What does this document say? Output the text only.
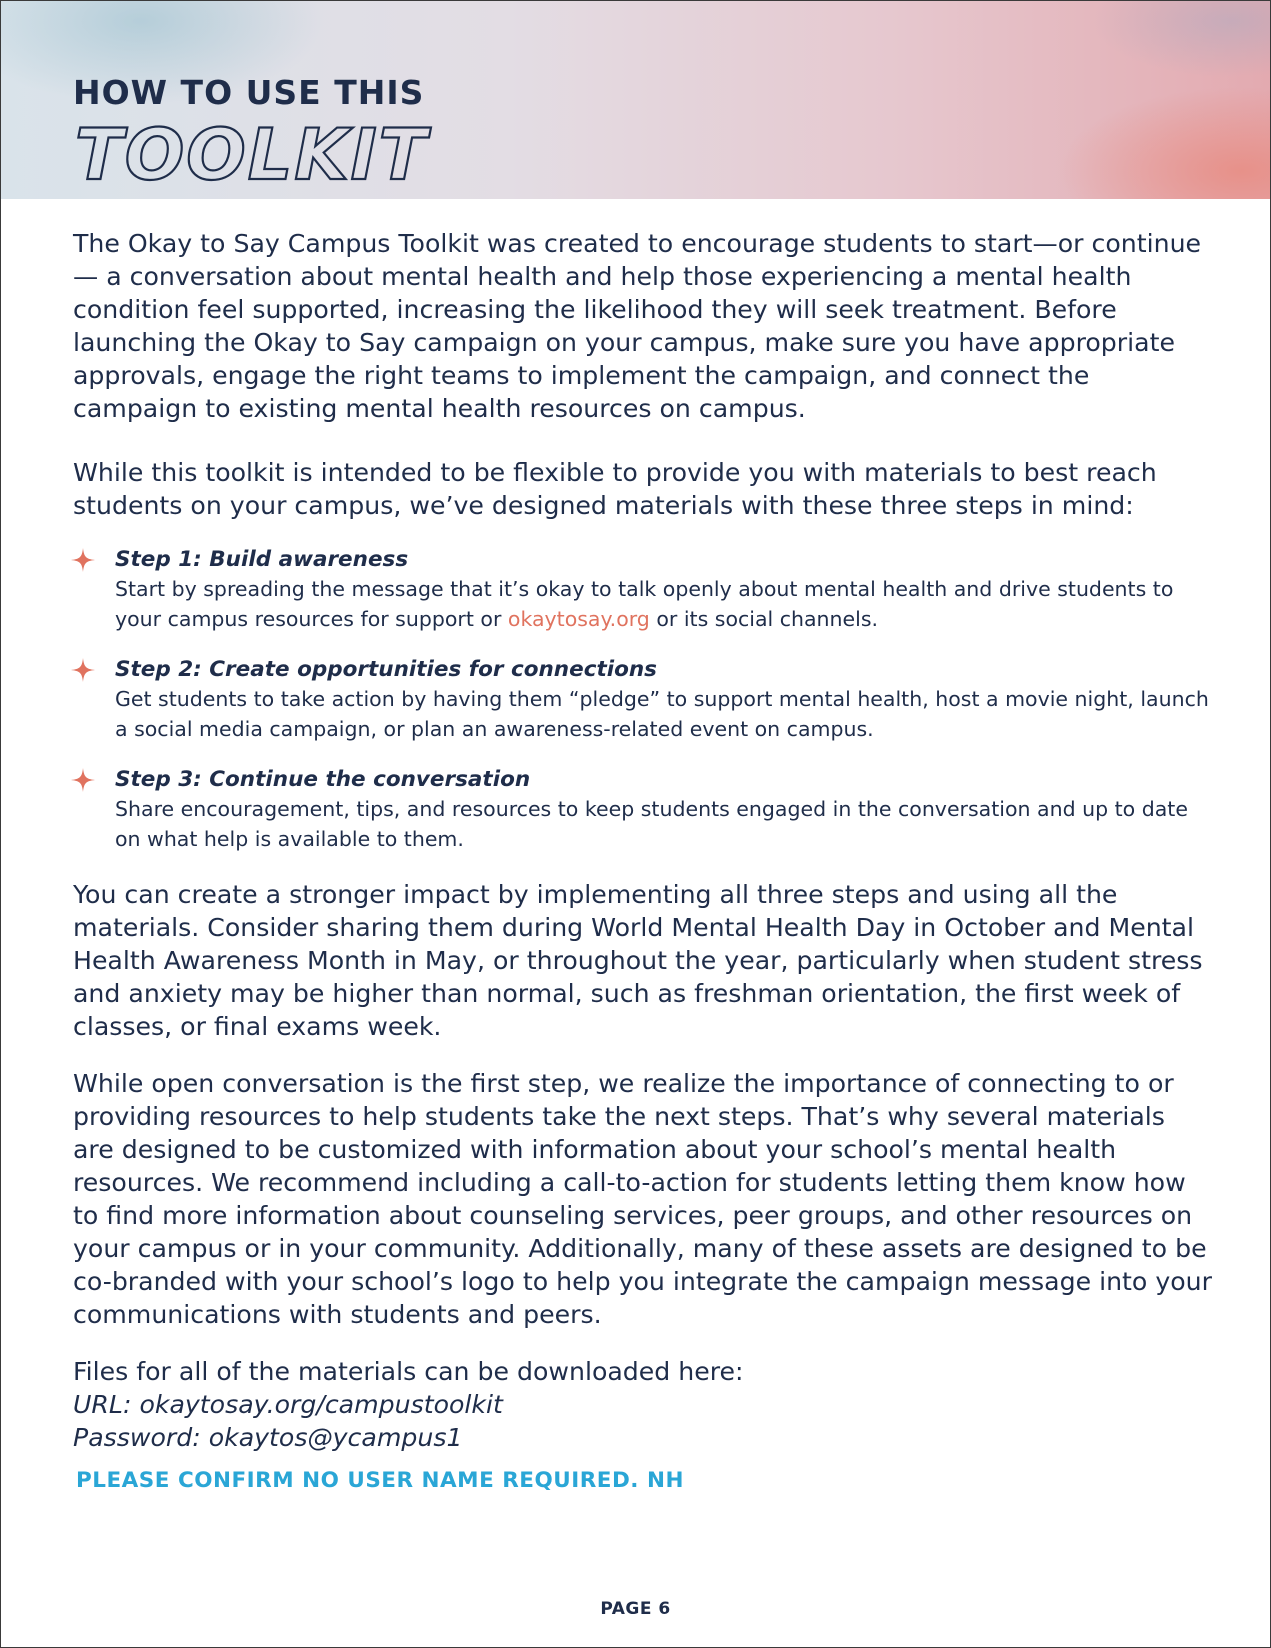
HOW TO USE THIS
TOOLKIT

The Okay to Say Campus Toolkit was created to encourage students to start—or continue— a conversation about mental health and help those experiencing a mental health condition feel supported, increasing the likelihood they will seek treatment. Before launching the Okay to Say campaign on your campus, make sure you have appropriate approvals, engage the right teams to implement the campaign, and connect the campaign to existing mental health resources on campus.

While this toolkit is intended to be flexible to provide you with materials to best reach students on your campus, we’ve designed materials with these three steps in mind:

Step 1: Build awareness
Start by spreading the message that it’s okay to talk openly about mental health and drive students to your campus resources for support or okaytosay.org or its social channels.
Step 2: Create opportunities for connections
Get students to take action by having them “pledge” to support mental health, host a movie night, launch a social media campaign, or plan an awareness-related event on campus.
Step 3: Continue the conversation
Share encouragement, tips, and resources to keep students engaged in the conversation and up to date on what help is available to them.

You can create a stronger impact by implementing all three steps and using all the materials. Consider sharing them during World Mental Health Day in October and Mental Health Awareness Month in May, or throughout the year, particularly when student stress and anxiety may be higher than normal, such as freshman orientation, the first week of classes, or final exams week.

While open conversation is the first step, we realize the importance of connecting to or providing resources to help students take the next steps. That’s why several materials are designed to be customized with information about your school’s mental health resources. We recommend including a call-to-action for students letting them know how to find more information about counseling services, peer groups, and other resources on your campus or in your community. Additionally, many of these assets are designed to be co-branded with your school’s logo to help you integrate the campaign message into your communications with students and peers.

Files for all of the materials can be downloaded here:

URL: okaytosay.org/campustoolkit

Password: okaytos@ycampus1

PLEASE CONFIRM NO USER NAME REQUIRED. NH

PAGE 6
